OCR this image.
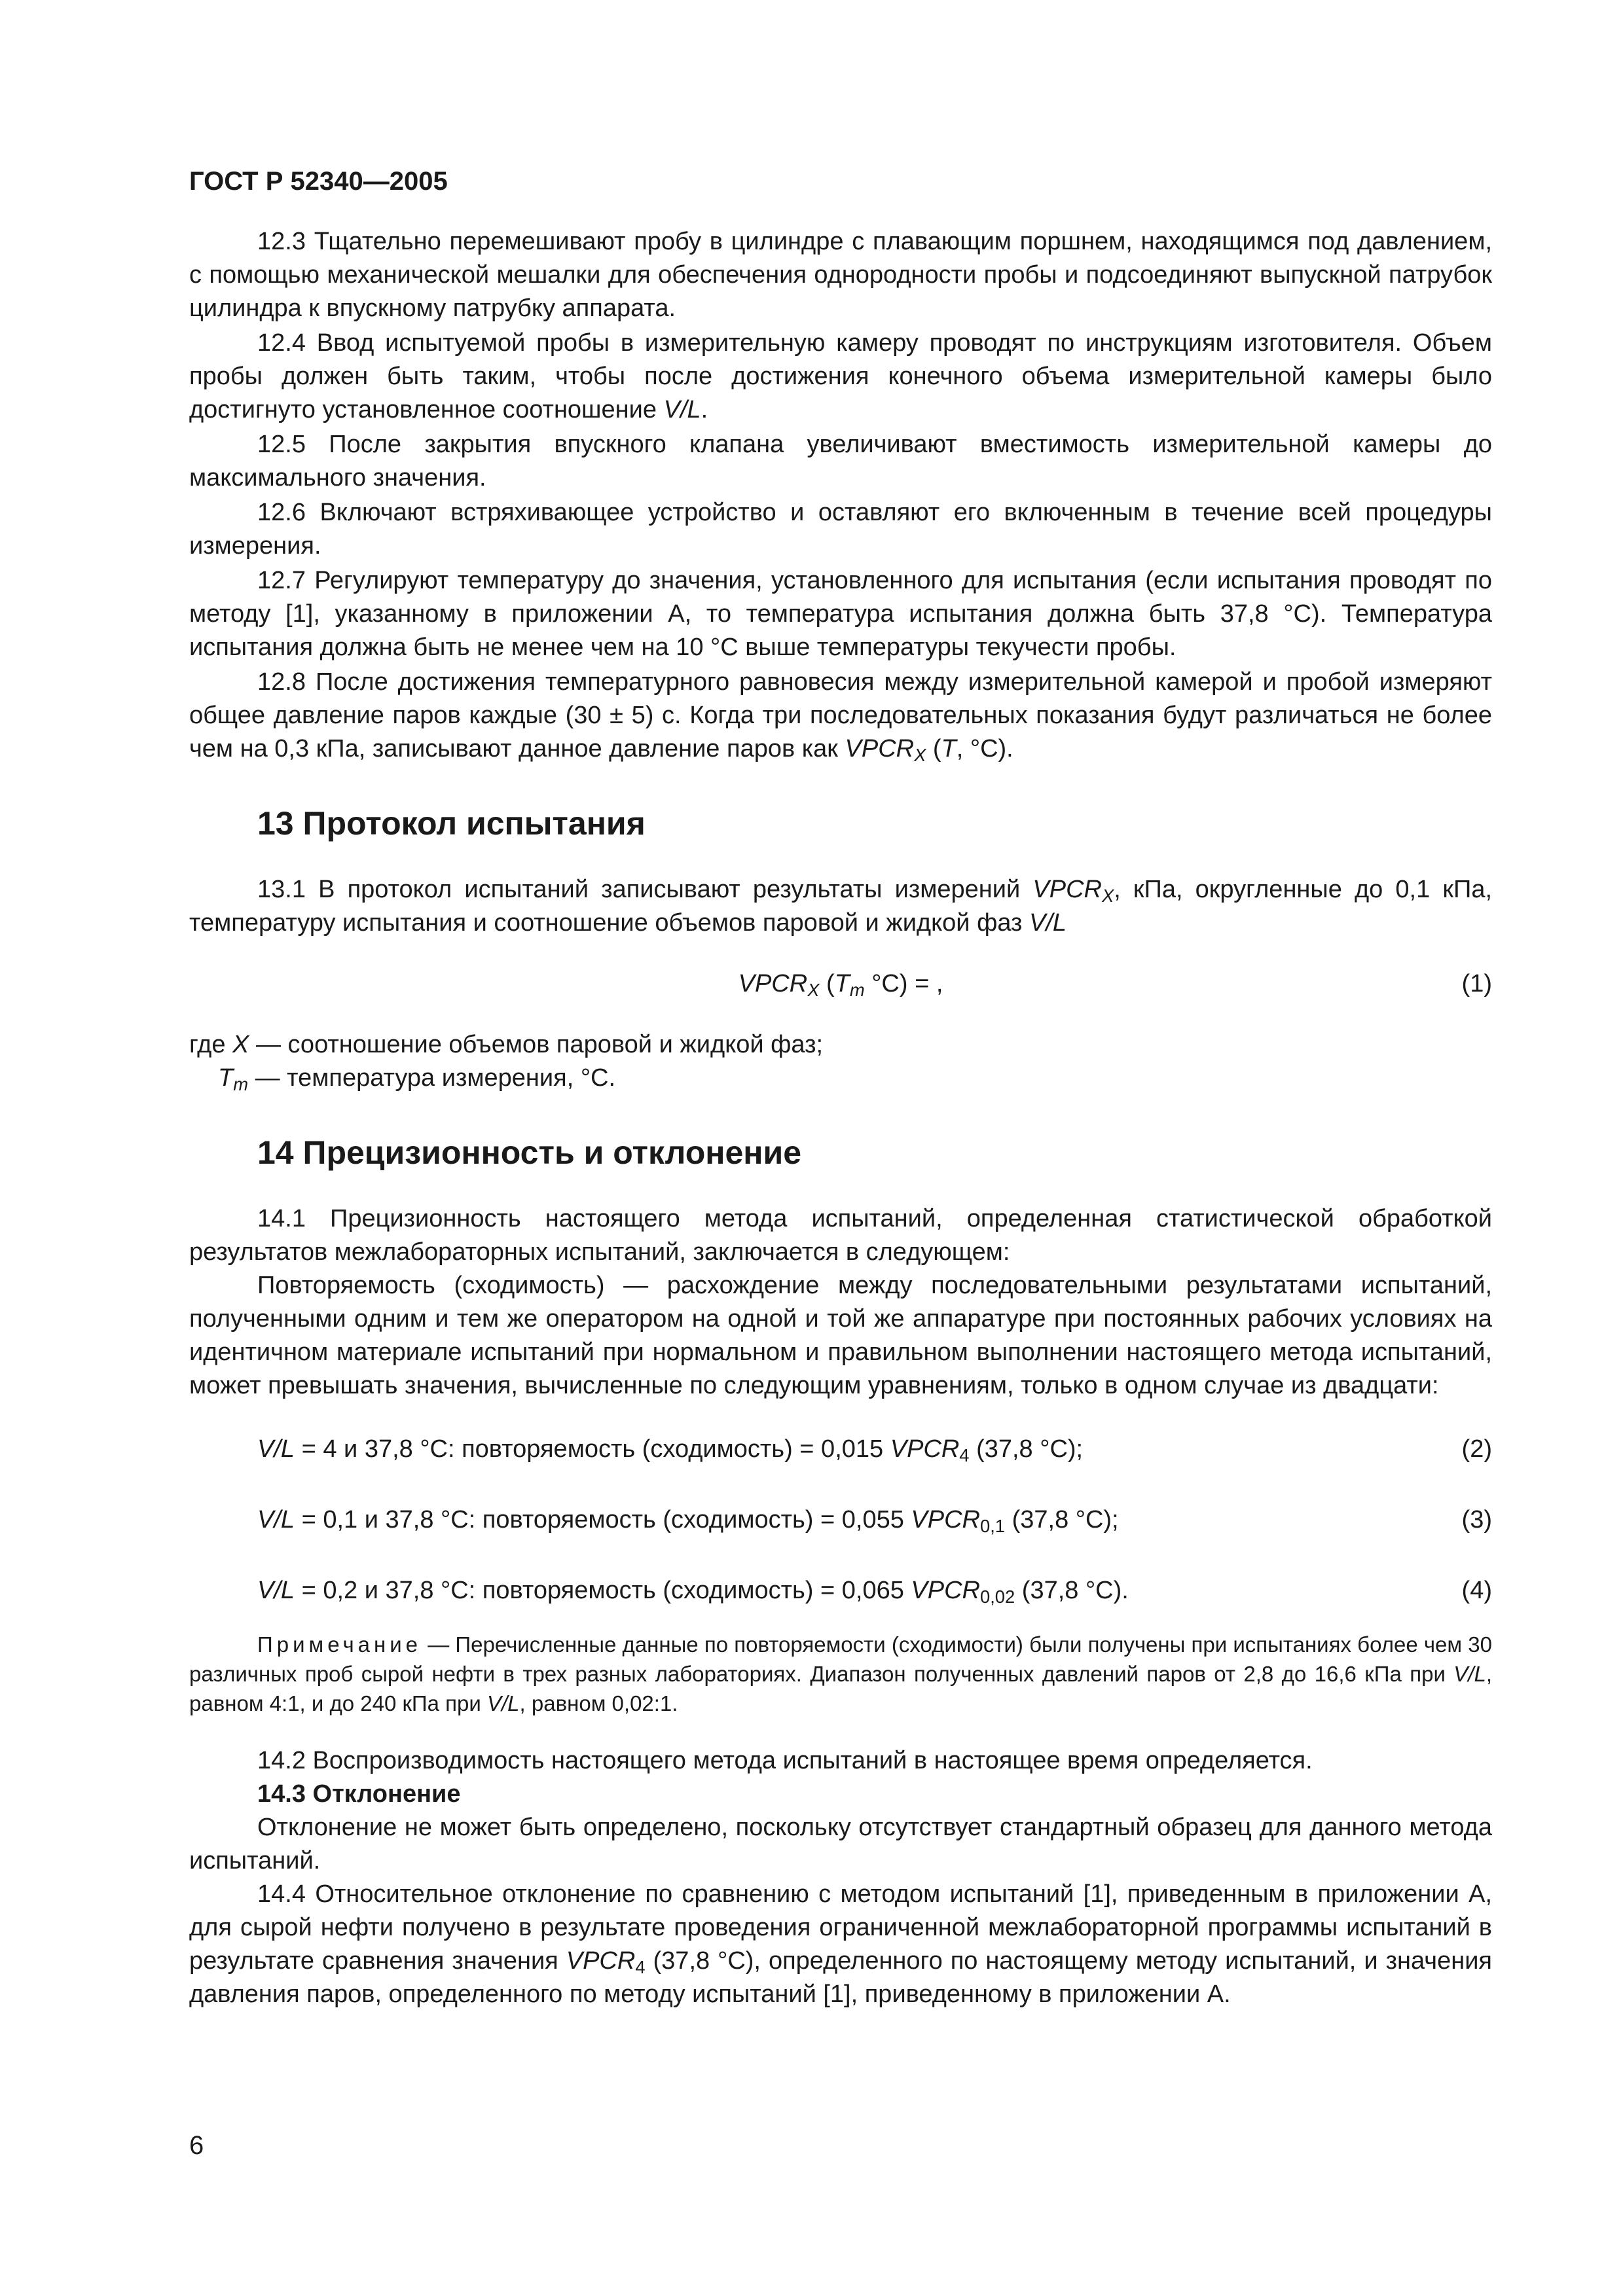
ГОСТ Р 52340—2005

12.3 Тщательно перемешивают пробу в цилиндре с плавающим поршнем, находящимся под давлением, с помощью механической мешалки для обеспечения однородности пробы и подсоединяют выпускной патрубок цилиндра к впускному патрубку аппарата.

12.4 Ввод испытуемой пробы в измерительную камеру проводят по инструкциям изготовителя. Объем пробы должен быть таким, чтобы после достижения конечного объема измерительной камеры было достигнуто установленное соотношение V/L.

12.5 После закрытия впускного клапана увеличивают вместимость измерительной камеры до максимального значения.

12.6 Включают встряхивающее устройство и оставляют его включенным в течение всей процедуры измерения.

12.7 Регулируют температуру до значения, установленного для испытания (если испытания проводят по методу [1], указанному в приложении А, то температура испытания должна быть 37,8 °С). Температура испытания должна быть не менее чем на 10 °С выше температуры текучести пробы.

12.8 После достижения температурного равновесия между измерительной камерой и пробой измеряют общее давление паров каждые (30 ± 5) с. Когда три последовательных показания будут различаться не более чем на 0,3 кПа, записывают данное давление паров как $VPCR_X$ (T, °С).

13 Протокол испытания

13.1 В протокол испытаний записывают результаты измерений $VPCR_X$, кПа, округленные до 0,1 кПа, температуру испытания и соотношение объемов паровой и жидкой фаз V/L

$VPCR_X$ ($T_m$ °С) = ,	(1)

где X — соотношение объемов паровой и жидкой фаз;

$T_m$ — температура измерения, °С.

14 Прецизионность и отклонение

14.1 Прецизионность настоящего метода испытаний, определенная статистической обработкой результатов межлабораторных испытаний, заключается в следующем:

Повторяемость (сходимость) — расхождение между последовательными результатами испытаний, полученными одним и тем же оператором на одной и той же аппаратуре при постоянных рабочих условиях на идентичном материале испытаний при нормальном и правильном выполнении настоящего метода испытаний, может превышать значения, вычисленные по следующим уравнениям, только в одном случае из двадцати:

V/L = 4 и 37,8 °С: повторяемость (сходимость) = 0,015 $VPCR_4$ (37,8 °С);	(2)
V/L = 0,1 и 37,8 °С: повторяемость (сходимость) = 0,055 $VPCR_{0,1}$ (37,8 °С);	(3)
V/L = 0,2 и 37,8 °С: повторяемость (сходимость) = 0,065 $VPCR_{0,02}$ (37,8 °С).	(4)
Примечание — Перечисленные данные по повторяемости (сходимости) были получены при испытаниях более чем 30 различных проб сырой нефти в трех разных лабораториях. Диапазон полученных давлений паров от 2,8 до 16,6 кПа при V/L, равном 4:1, и до 240 кПа при V/L, равном 0,02:1.

14.2 Воспроизводимость настоящего метода испытаний в настоящее время определяется.

14.3 Отклонение

Отклонение не может быть определено, поскольку отсутствует стандартный образец для данного метода испытаний.

14.4 Относительное отклонение по сравнению с методом испытаний [1], приведенным в приложении А, для сырой нефти получено в результате проведения ограниченной межлабораторной программы испытаний в результате сравнения значения $VPCR_4$ (37,8 °С), определенного по настоящему методу испытаний, и значения давления паров, определенного по методу испытаний [1], приведенному в приложении А.

6
